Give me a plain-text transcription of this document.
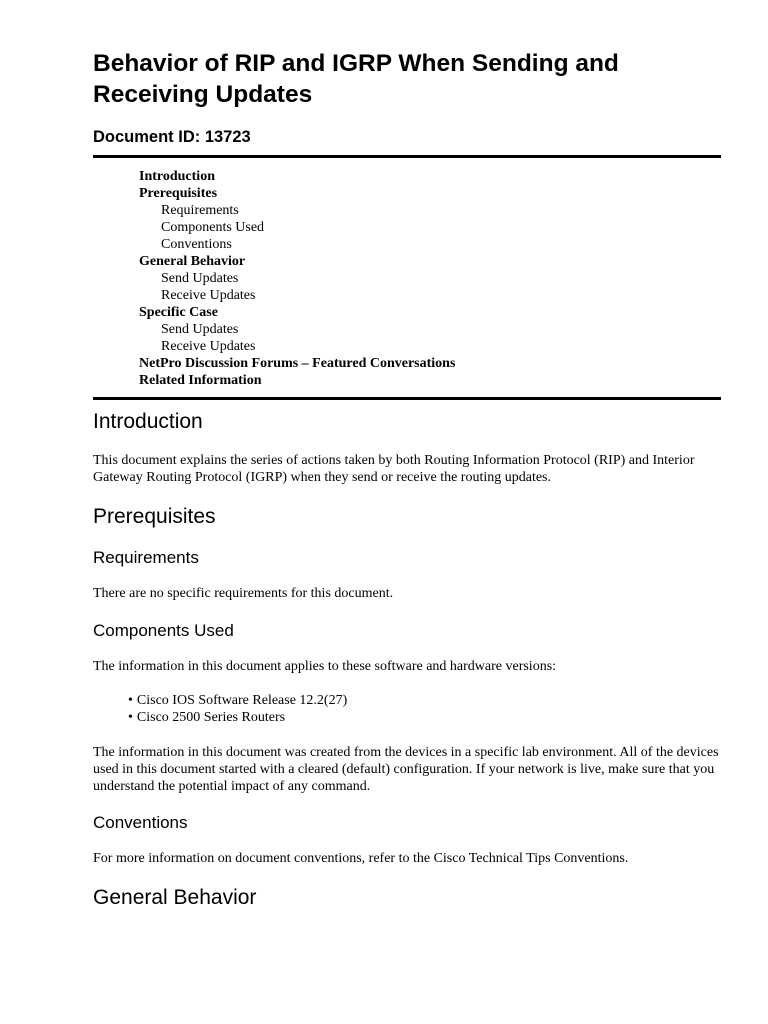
Behavior of RIP and IGRP When Sending and Receiving Updates
Document ID: 13723
Introduction
Prerequisites
Requirements
Components Used
Conventions
General Behavior
Send Updates
Receive Updates
Specific Case
Send Updates
Receive Updates
NetPro Discussion Forums – Featured Conversations
Related Information
Introduction

This document explains the series of actions taken by both Routing Information Protocol (RIP) and Interior Gateway Routing Protocol (IGRP) when they send or receive the routing updates.

Prerequisites
Requirements

There are no specific requirements for this document.

Components Used

The information in this document applies to these software and hardware versions:

• Cisco IOS Software Release 12.2(27)
• Cisco 2500 Series Routers

The information in this document was created from the devices in a specific lab environment. All of the devices used in this document started with a cleared (default) configuration. If your network is live, make sure that you understand the potential impact of any command.

Conventions

For more information on document conventions, refer to the Cisco Technical Tips Conventions.

General Behavior
